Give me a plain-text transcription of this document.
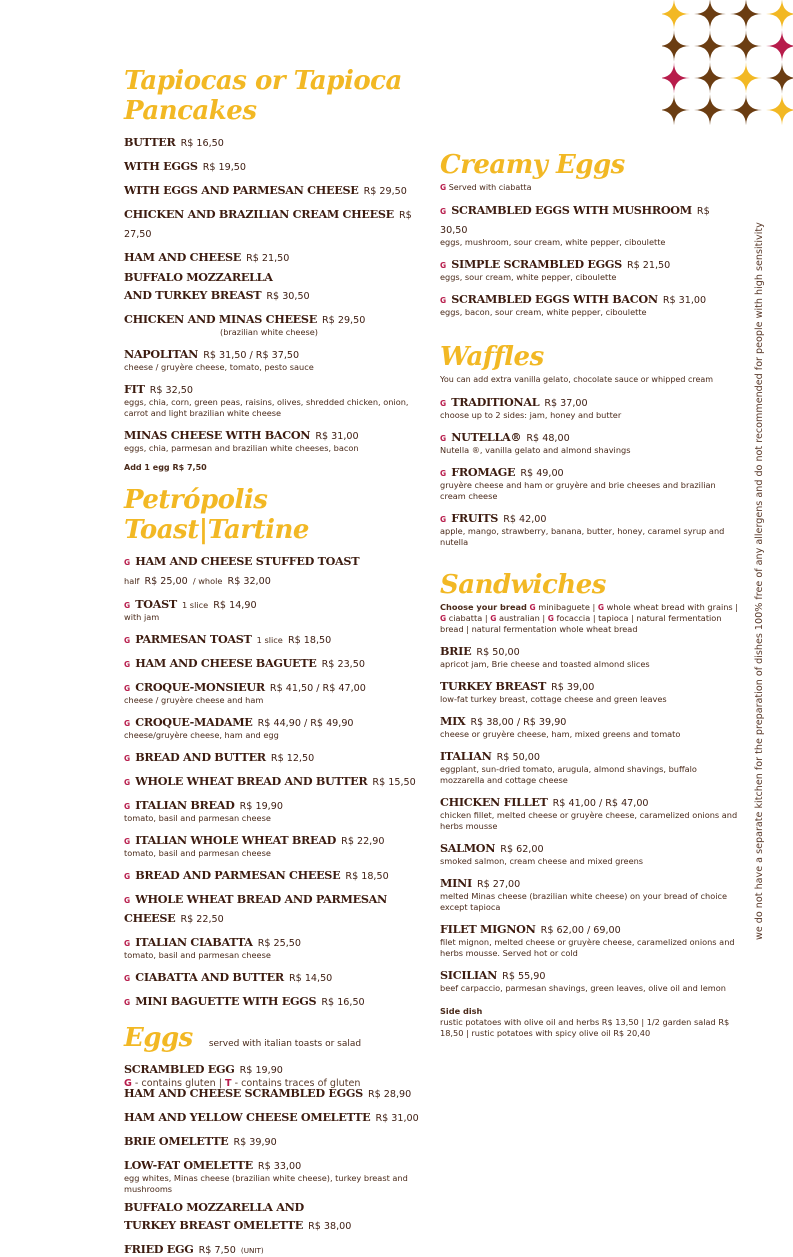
Tapiocas or Tapioca Pancakes
BUTTER R$ 16,50
WITH EGGS R$ 19,50
WITH EGGS AND PARMESAN CHEESE R$ 29,50
CHICKEN AND BRAZILIAN CREAM CHEESE R$ 27,50
HAM AND CHEESE R$ 21,50
BUFFALO MOZZARELLA
AND TURKEY BREAST R$ 30,50
CHICKEN AND MINAS CHEESE R$ 29,50
(brazilian white cheese)
NAPOLITAN R$ 31,50 / R$ 37,50
cheese / gruyère cheese, tomato, pesto sauce
FIT R$ 32,50
eggs, chia, corn, green peas, raisins, olives, shredded chicken, onion, carrot and light brazilian white cheese
MINAS CHEESE WITH BACON R$ 31,00
eggs, chia, parmesan and brazilian white cheeses, bacon
Add 1 egg R$ 7,50
Petrópolis Toast|Tartine
G HAM AND CHEESE STUFFED TOAST
half R$ 25,00 / whole R$ 32,00
G TOAST 1 slice R$ 14,90
with jam
G PARMESAN TOAST 1 slice R$ 18,50
G HAM AND CHEESE BAGUETE R$ 23,50
G CROQUE-MONSIEUR R$ 41,50 / R$ 47,00
cheese / gruyère cheese and ham
G CROQUE-MADAME R$ 44,90 / R$ 49,90
cheese/gruyère cheese, ham and egg
G BREAD AND BUTTER R$ 12,50
G WHOLE WHEAT BREAD AND BUTTER R$ 15,50
G ITALIAN BREAD R$ 19,90
tomato, basil and parmesan cheese
G ITALIAN WHOLE WHEAT BREAD R$ 22,90
tomato, basil and parmesan cheese
G BREAD AND PARMESAN CHEESE R$ 18,50
G WHOLE WHEAT BREAD AND PARMESAN
CHEESE R$ 22,50
G ITALIAN CIABATTA R$ 25,50
tomato, basil and parmesan cheese
G CIABATTA AND BUTTER R$ 14,50
G MINI BAGUETTE WITH EGGS R$ 16,50
Eggs served with italian toasts or salad
SCRAMBLED EGG R$ 19,90
HAM AND CHEESE SCRAMBLED EGGS R$ 28,90
HAM AND YELLOW CHEESE OMELETTE R$ 31,00
BRIE OMELETTE R$ 39,90
LOW-FAT OMELETTE R$ 33,00
egg whites, Minas cheese (brazilian white cheese), turkey breast and mushrooms
BUFFALO MOZZARELLA AND
TURKEY BREAST OMELETTE R$ 38,00
FRIED EGG R$ 7,50 (UNIT)
Creamy Eggs
G Served with ciabatta
G SCRAMBLED EGGS WITH MUSHROOM R$ 30,50
eggs, mushroom, sour cream, white pepper, ciboulette
G SIMPLE SCRAMBLED EGGS R$ 21,50
eggs, sour cream, white pepper, ciboulette
G SCRAMBLED EGGS WITH BACON R$ 31,00
eggs, bacon, sour cream, white pepper, ciboulette
Waffles
You can add extra vanilla gelato, chocolate sauce or whipped cream
G TRADITIONAL R$ 37,00
choose up to 2 sides: jam, honey and butter
G NUTELLA® R$ 48,00
Nutella ®, vanilla gelato and almond shavings
G FROMAGE R$ 49,00
gruyère cheese and ham or gruyère and brie cheeses and brazilian cream cheese
G FRUITS R$ 42,00
apple, mango, strawberry, banana, butter, honey, caramel syrup and nutella
Sandwiches
Choose your bread G minibaguete | G whole wheat bread with grains | G ciabatta | G australian | G focaccia | tapioca | natural fermentation bread | natural fermentation whole wheat bread
BRIE R$ 50,00
apricot jam, Brie cheese and toasted almond slices
TURKEY BREAST R$ 39,00
low-fat turkey breast, cottage cheese and green leaves
MIX R$ 38,00 / R$ 39,90
cheese or gruyère cheese, ham, mixed greens and tomato
ITALIAN R$ 50,00
eggplant, sun-dried tomato, arugula, almond shavings, buffalo mozzarella and cottage cheese
CHICKEN FILLET R$ 41,00 / R$ 47,00
chicken fillet, melted cheese or gruyère cheese, caramelized onions and herbs mousse
SALMON R$ 62,00
smoked salmon, cream cheese and mixed greens
MINI R$ 27,00
melted Minas cheese (brazilian white cheese) on your bread of choice
except tapioca
FILET MIGNON R$ 62,00 / 69,00
filet mignon, melted cheese or gruyère cheese, caramelized onions and herbs mousse. Served hot or cold
SICILIAN R$ 55,90
beef carpaccio, parmesan shavings, green leaves, olive oil and lemon
Side dish
rustic potatoes with olive oil and herbs R$ 13,50 | 1/2 garden salad R$ 18,50 | rustic potatoes with spicy olive oil R$ 20,40
we do not have a separate kitchen for the preparation of dishes 100% free of any allergens and do not recommended for people with high sensitivity
G - contains gluten | T - contains traces of gluten
